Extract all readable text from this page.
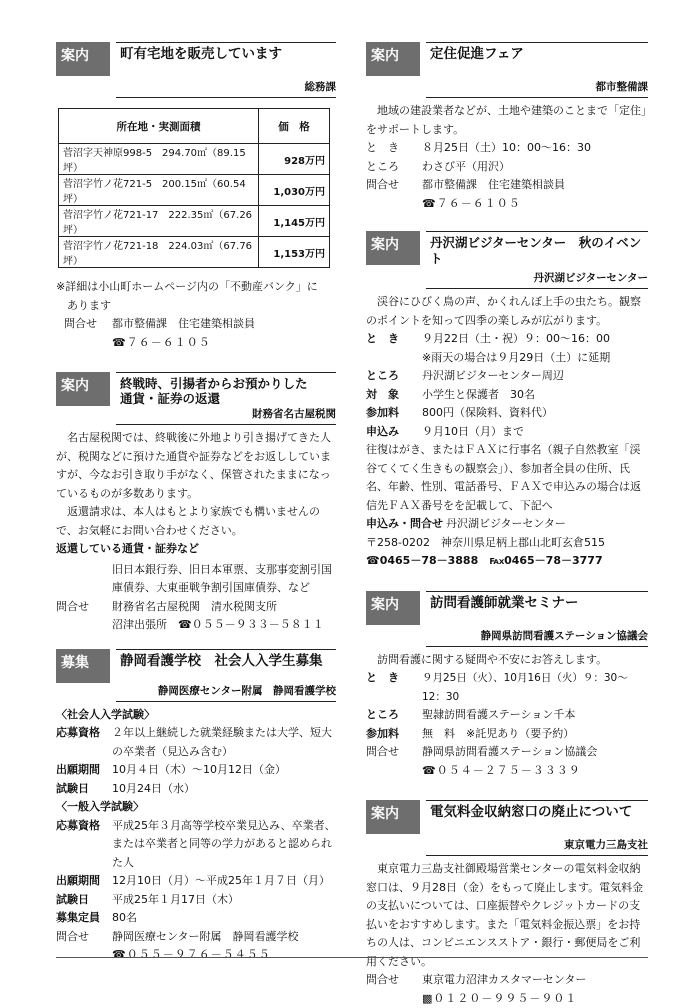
案内	町有宅地を販売しています
総務課
所在地・実測面積	価　格
菅沼字天神原998-5　294.70㎡（89.15坪）	928万円
菅沼字竹ノ花721-5　200.15㎡（60.54坪）	1,030万円
菅沼字竹ノ花721-17　222.35㎡（67.26坪）	1,145万円
菅沼字竹ノ花721-18　224.03㎡（67.76坪）	1,153万円
※詳細は小山町ホームページ内の「不動産バンク」に
あります
問合せ	都市整備課　住宅建築相談員
☎７６－６１０５
案内	終戦時、引揚者からお預かりした
通貨・証券の返還
財務省名古屋税関
名古屋税関では、終戦後に外地より引き揚げてきた人が、税関などに預けた通貨や証券などをお返ししていますが、今なお引き取り手がなく、保管されたままになっているものが多数あります。
返還請求は、本人はもとより家族でも構いませんので、お気軽にお問い合わせください。
返還している通貨・証券など
旧日本銀行券、旧日本軍票、支那事変割引国庫債券、大東亜戦争割引国庫債券、など
問合せ	財務省名古屋税関　清水税関支所
沼津出張所　☎０５５－９３３－５８１１
募集	静岡看護学校　社会人入学生募集
静岡医療センター附属　静岡看護学校
〈社会人入学試験〉
応募資格	２年以上継続した就業経験または大学、短大の卒業者（見込み含む）
出願期間	10月４日（木）～10月12日（金）
試験日	10月24日（水）
〈一般入学試験〉
応募資格	平成25年３月高等学校卒業見込み、卒業者、または卒業者と同等の学力があると認められた人
出願期間	12月10日（月）～平成25年１月７日（月）
試験日	平成25年１月17日（木）
募集定員	80名
問合せ	静岡医療センター附属　静岡看護学校
☎０５５－９７６－５４５５
案内	定住促進フェア
都市整備課
地域の建設業者などが、土地や建築のことまで「定住」をサポートします。
と　き	８月25日（土）10：00～16：30
ところ	わさび平（用沢）
問合せ	都市整備課　住宅建築相談員
☎７６－６１０５
案内	丹沢湖ビジターセンター　秋のイベント
丹沢湖ビジターセンター
渓谷にひびく鳥の声、かくれんぼ上手の虫たち。観察のポイントを知って四季の楽しみが広がります。
と　き	９月22日（土・祝）９：00～16：00
※雨天の場合は９月29日（土）に延期
ところ	丹沢湖ビジターセンター周辺
対　象	小学生と保護者　30名
参加料	800円（保険料、資料代）
申込み	９月10日（月）まで
往復はがき、またはＦＡＸに行事名（親子自然教室「渓谷てくてく生きもの観察会」）、参加者全員の住所、氏名、年齢、性別、電話番号、ＦＡＸで申込みの場合は返信先ＦＡＸ番号をを記載して、下記へ
申込み・問合せ 丹沢湖ビジターセンター
〒258-0202　神奈川県足柄上郡山北町玄倉515
☎0465－78－3888　℻0465－78－3777
案内	訪問看護師就業セミナー
静岡県訪問看護ステーション協議会
訪問看護に関する疑問や不安にお答えします。
と　き	９月25日（火）、10月16日（火）９：30～12：30
ところ	聖隷訪問看護ステーション千本
参加料	無　料　※託児あり（要予約）
問合せ	静岡県訪問看護ステーション協議会
☎０５４－２７５－３３３９
案内	電気料金収納窓口の廃止について
東京電力三島支社
東京電力三島支社御殿場営業センターの電気料金収納窓口は、９月28日（金）をもって廃止します。電気料金の支払いについては、口座振替やクレジットカードの支払いをおすすめします。また「電気料金振込票」をお持ちの人は、コンビニエンスストア・銀行・郵便局をご利用ください。
問合せ	東京電力沼津カスタマーセンター
▩０１２０－９９５－９０１
